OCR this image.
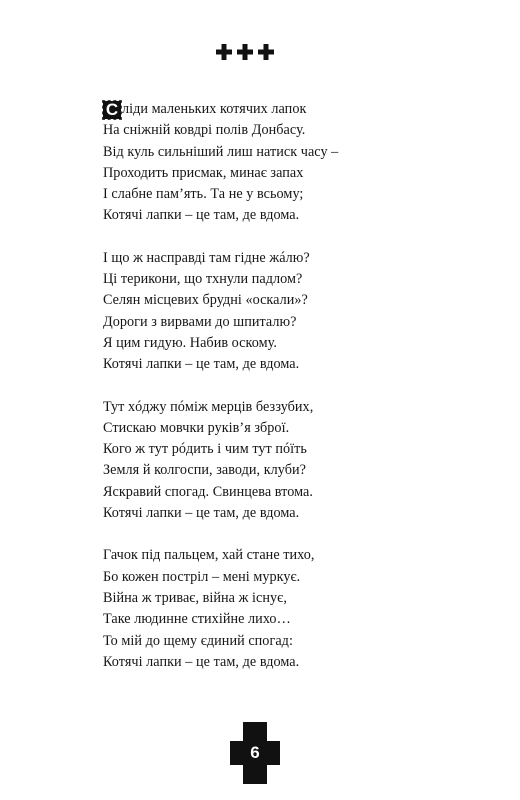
С ліди маленьких котячих лапок
На сніжній ковдрі полів Донбасу.
Від куль сильніший лиш натиск часу –
Проходить присмак, минає запах
І слабне пам’ять. Та не у всьому;
Котячі лапки – це там, де вдома.
І що ж насправді там гідне жáлю?
Ці терикони, що тхнули падлом?
Селян місцевих брудні «оскали»?
Дороги з вирвами до шпиталю?
Я цим гидую. Набив оскому.
Котячі лапки – це там, де вдома.
Тут хóджу пóміж мерців беззубих,
Стискаю мовчки руків’я зброї.
Кого ж тут рóдить і чим тут пóїть
Земля й колгоспи, заводи, клуби?
Яскравий спогад. Свинцева втома.
Котячі лапки – це там, де вдома.
Гачок під пальцем, хай стане тихо,
Бо кожен постріл – мені муркує.
Війна ж триває, війна ж існує,
Таке людинне стихійне лихо…
То мій до щему єдиний спогад:
Котячі лапки – це там, де вдома.
6
